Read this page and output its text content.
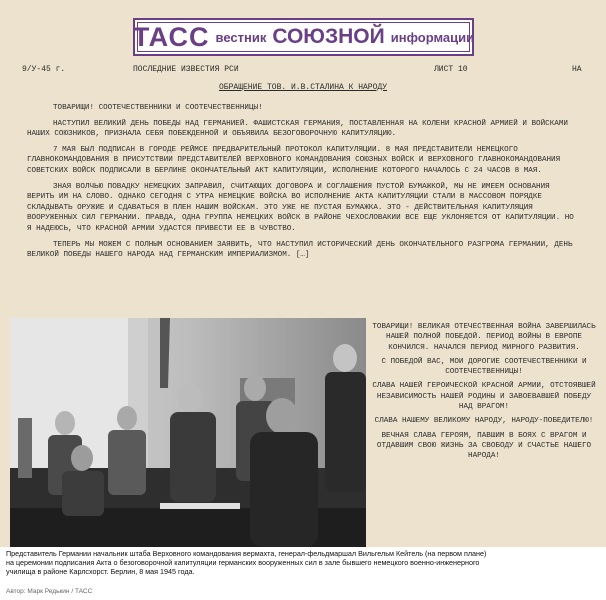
ТАСС вестник СОЮЗНОЙ информации
9/У-45 г.	ПОСЛЕДНИЕ ИЗВЕСТИЯ РСИ	ЛИСТ 10	НА
ОБРАЩЕНИЕ ТОВ. И.В.СТАЛИНА К НАРОДУ

ТОВАРИЩИ! СООТЕЧЕСТВЕННИКИ И СООТЕЧЕСТВЕННИЦЫ!

НАСТУПИЛ ВЕЛИКИЙ ДЕНЬ ПОБЕДЫ НАД ГЕРМАНИЕЙ. ФАШИСТСКАЯ ГЕРМАНИЯ, ПОСТАВЛЕННАЯ НА КОЛЕНИ КРАСНОЙ АРМИЕЙ И ВОЙСКАМИ НАШИХ СОЮЗНИКОВ, ПРИЗНАЛА СЕБЯ ПОБЕЖДЕННОЙ И ОБЪЯВИЛА БЕЗОГОВОРОЧНУЮ КАПИТУЛЯЦИЮ.

7 МАЯ БЫЛ ПОДПИСАН В ГОРОДЕ РЕЙМСЕ ПРЕДВАРИТЕЛЬНЫЙ ПРОТОКОЛ КАПИТУЛЯЦИИ. 8 МАЯ ПРЕДСТАВИТЕЛИ НЕМЕЦКОГО ГЛАВНОКОМАНДОВАНИЯ В ПРИСУТСТВИИ ПРЕДСТАВИТЕЛЕЙ ВЕРХОВНОГО КОМАНДОВАНИЯ СОЮЗНЫХ ВОЙСК И ВЕРХОВНОГО ГЛАВНОКОМАНДОВАНИЯ СОВЕТСКИХ ВОЙСК ПОДПИСАЛИ В БЕРЛИНЕ ОКОНЧАТЕЛЬНЫЙ АКТ КАПИТУЛЯЦИИ, ИСПОЛНЕНИЕ КОТОРОГО НАЧАЛОСЬ С 24 ЧАСОВ 8 МАЯ.

ЗНАЯ ВОЛЧЬЮ ПОВАДКУ НЕМЕЦКИХ ЗАПРАВИЛ, СЧИТАЮЩИХ ДОГОВОРА И СОГЛАШЕНИЯ ПУСТОЙ БУМАЖКОЙ, МЫ НЕ ИМЕЕМ ОСНОВАНИЯ ВЕРИТЬ ИМ НА СЛОВО. ОДНАКО СЕГОДНЯ С УТРА НЕМЕЦКИЕ ВОЙСКА ВО ИСПОЛНЕНИЕ АКТА КАПИТУЛЯЦИИ СТАЛИ В МАССОВОМ ПОРЯДКЕ СКЛАДЫВАТЬ ОРУЖИЕ И СДАВАТЬСЯ В ПЛЕН НАШИМ ВОЙСКАМ. ЭТО УЖЕ НЕ ПУСТАЯ БУМАЖКА. ЭТО - ДЕЙСТВИТЕЛЬНАЯ КАПИТУЛЯЦИЯ ВООРУЖЕННЫХ СИЛ ГЕРМАНИИ. ПРАВДА, ОДНА ГРУППА НЕМЕЦКИХ ВОЙСК В РАЙОНЕ ЧЕХОСЛОВАКИИ ВСЕ ЕЩЕ УКЛОНЯЕТСЯ ОТ КАПИТУЛЯЦИИ. НО Я НАДЕЮСЬ, ЧТО КРАСНОЙ АРМИИ УДАСТСЯ ПРИВЕСТИ ЕЕ В ЧУВСТВО.

ТЕПЕРЬ МЫ МОЖЕМ С ПОЛНЫМ ОСНОВАНИЕМ ЗАЯВИТЬ, ЧТО НАСТУПИЛ ИСТОРИЧЕСКИЙ ДЕНЬ ОКОНЧАТЕЛЬНОГО РАЗГРОМА ГЕРМАНИИ, ДЕНЬ ВЕЛИКОЙ ПОБЕДЫ НАШЕГО НАРОДА НАД ГЕРМАНСКИМ ИМПЕРИАЛИЗМОМ. […]

ТОВАРИЩИ! ВЕЛИКАЯ ОТЕЧЕСТВЕННАЯ ВОЙНА ЗАВЕРШИЛАСЬ НАШЕЙ ПОЛНОЙ ПОБЕДОЙ. ПЕРИОД ВОЙНЫ В ЕВРОПЕ КОНЧИЛСЯ. НАЧАЛСЯ ПЕРИОД МИРНОГО РАЗВИТИЯ.

С ПОБЕДОЙ ВАС, МОИ ДОРОГИЕ СООТЕЧЕСТВЕННИКИ И СООТЕЧЕСТВЕННИЦЫ!

СЛАВА НАШЕЙ ГЕРОИЧЕСКОЙ КРАСНОЙ АРМИИ, ОТСТОЯВШЕЙ НЕЗАВИСИМОСТЬ НАШЕЙ РОДИНЫ И ЗАВОЕВАВШЕЙ ПОБЕДУ НАД ВРАГОМ!

СЛАВА НАШЕМУ ВЕЛИКОМУ НАРОДУ, НАРОДУ-ПОБЕДИТЕЛЮ!

ВЕЧНАЯ СЛАВА ГЕРОЯМ, ПАВШИМ В БОЯХ С ВРАГОМ И ОТДАВШИМ СВОЮ ЖИЗНЬ ЗА СВОБОДУ И СЧАСТЬЕ НАШЕГО НАРОДА!

Представитель Германии начальник штаба Верховного командования вермахта, генерал-фельдмаршал Вильгельм Кейтель (на первом плане)
на церемонии подписания Акта о безоговорочной капитуляции германских вооруженных сил в зале бывшего немецкого военно-инженерного
училища в районе Карлсхорст. Берлин, 8 мая 1945 года.
Автор: Марк Редькин / ТАСС
